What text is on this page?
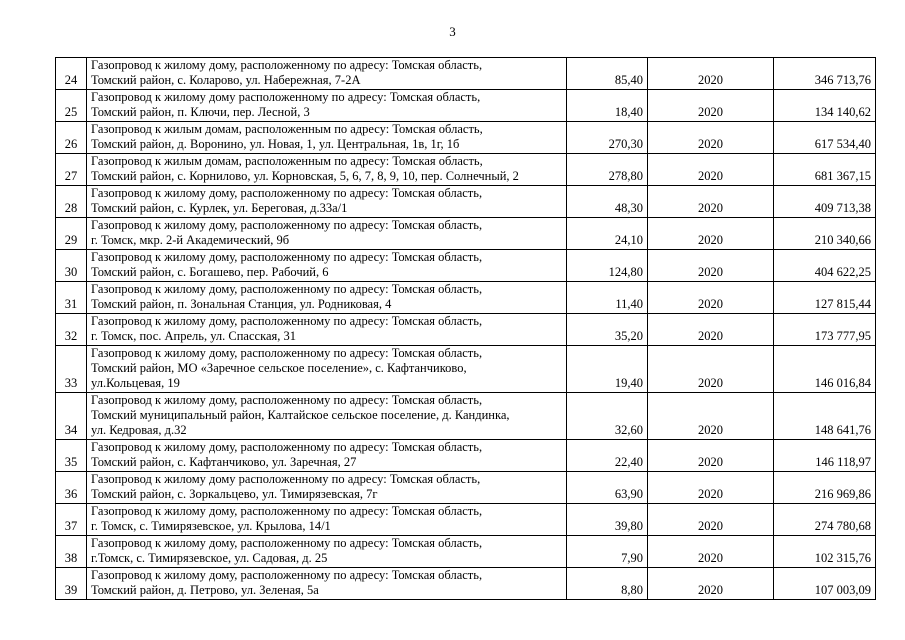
3
24	Газопровод к жилому дому, расположенному по адресу: Томская область,
Томский район, с. Коларово, ул. Набережная, 7-2А	85,40	2020	346 713,76
25	Газопровод к жилому дому расположенному по адресу: Томская область,
Томский район, п. Ключи, пер. Лесной, 3	18,40	2020	134 140,62
26	Газопровод к жилым домам, расположенным по адресу: Томская область,
Томский район, д. Воронино, ул. Новая, 1, ул. Центральная, 1в, 1г, 1б	270,30	2020	617 534,40
27	Газопровод к жилым домам, расположенным по адресу: Томская область,
Томский район, с. Корнилово, ул. Корновская, 5, 6, 7, 8, 9, 10, пер. Солнечный, 2	278,80	2020	681 367,15
28	Газопровод к жилому дому, расположенному по адресу: Томская область,
Томский район, с. Курлек, ул. Береговая, д.33а/1	48,30	2020	409 713,38
29	Газопровод к жилому дому, расположенному по адресу: Томская область,
г. Томск, мкр. 2-й Академический, 9б	24,10	2020	210 340,66
30	Газопровод к жилому дому, расположенному по адресу: Томская область,
Томский район, с. Богашево, пер. Рабочий, 6	124,80	2020	404 622,25
31	Газопровод к жилому дому, расположенному по адресу: Томская область,
Томский район, п. Зональная Станция, ул. Родниковая, 4	11,40	2020	127 815,44
32	Газопровод к жилому дому, расположенному по адресу: Томская область,
г. Томск, пос. Апрель, ул. Спасская, 31	35,20	2020	173 777,95
33	Газопровод к жилому дому, расположенному по адресу: Томская область,
Томский район, МО «Заречное сельское поселение», с. Кафтанчиково,
ул.Кольцевая, 19	19,40	2020	146 016,84
34	Газопровод к жилому дому, расположенному по адресу: Томская область,
Томский муниципальный район, Калтайское сельское поселение, д. Кандинка,
ул. Кедровая, д.32	32,60	2020	148 641,76
35	Газопровод к жилому дому, расположенному по адресу: Томская область,
Томский район, с. Кафтанчиково, ул. Заречная, 27	22,40	2020	146 118,97
36	Газопровод к жилому дому расположенному по адресу: Томская область,
Томский район, с. Зоркальцево, ул. Тимирязевская, 7г	63,90	2020	216 969,86
37	Газопровод к жилому дому, расположенному по адресу: Томская область,
г. Томск, с. Тимирязевское, ул. Крылова, 14/1	39,80	2020	274 780,68
38	Газопровод к жилому дому, расположенному по адресу: Томская область,
г.Томск, с. Тимирязевское, ул. Садовая, д. 25	7,90	2020	102 315,76
39	Газопровод к жилому дому, расположенному по адресу: Томская область,
Томский район, д. Петрово, ул. Зеленая, 5а	8,80	2020	107 003,09
